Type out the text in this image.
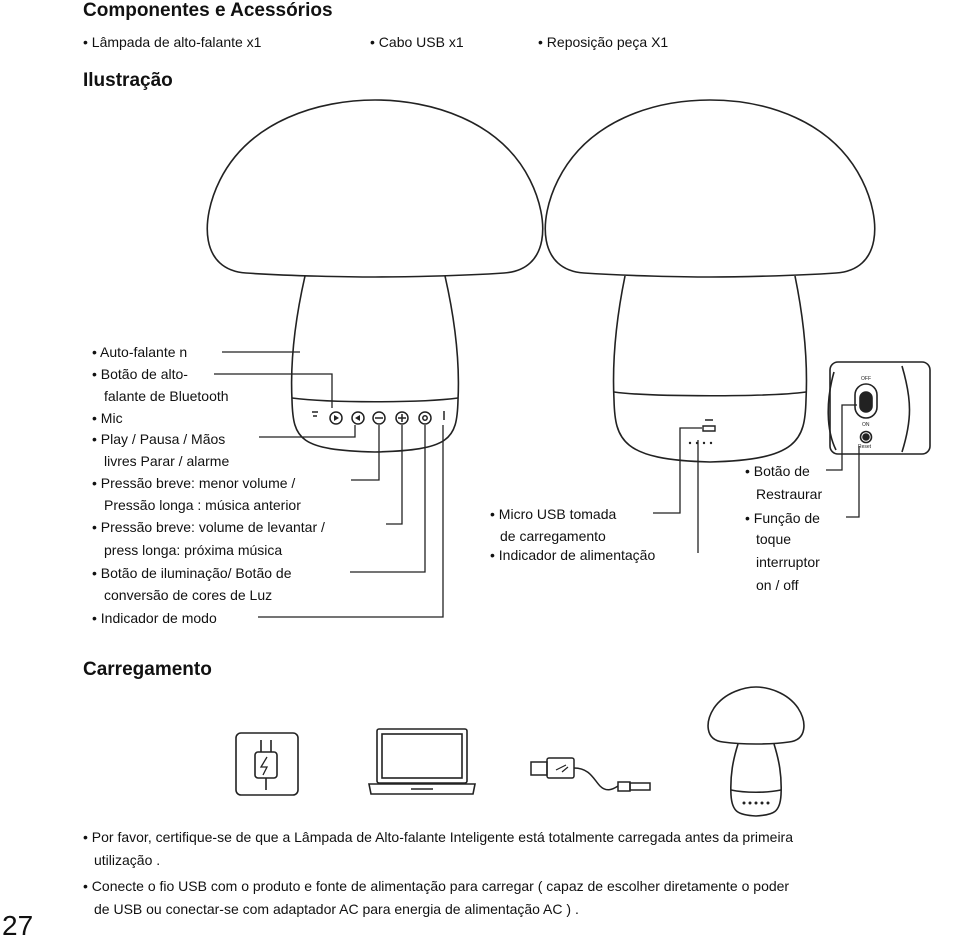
Componentes e Acessórios
• Lâmpada de alto-falante x1	• Cabo USB x1	• Reposição peça X1
Ilustração
OFF
ON
Reset
• Auto-falante n
• Botão de alto-
falante de Bluetooth
• Mic
• Play / Pausa / Mãos
livres Parar / alarme
• Pressão breve: menor volume /
Pressão longa : música anterior
• Pressão breve: volume de levantar /
press longa: próxima música
• Botão de iluminação/ Botão de
conversão de cores de Luz
• Indicador de modo
• Micro USB tomada
de carregamento
• Indicador de alimentação
• Botão de
Restraurar
• Função de
toque
interruptor
on / off
Carregamento
• Por favor, certifique-se de que a Lâmpada de Alto-falante Inteligente está totalmente carregada antes da primeira
utilização .
• Conecte o fio USB com o produto e fonte de alimentação para carregar ( capaz de escolher diretamente o poder
de USB ou conectar-se com adaptador AC para energia de alimentação AC ) .
27
